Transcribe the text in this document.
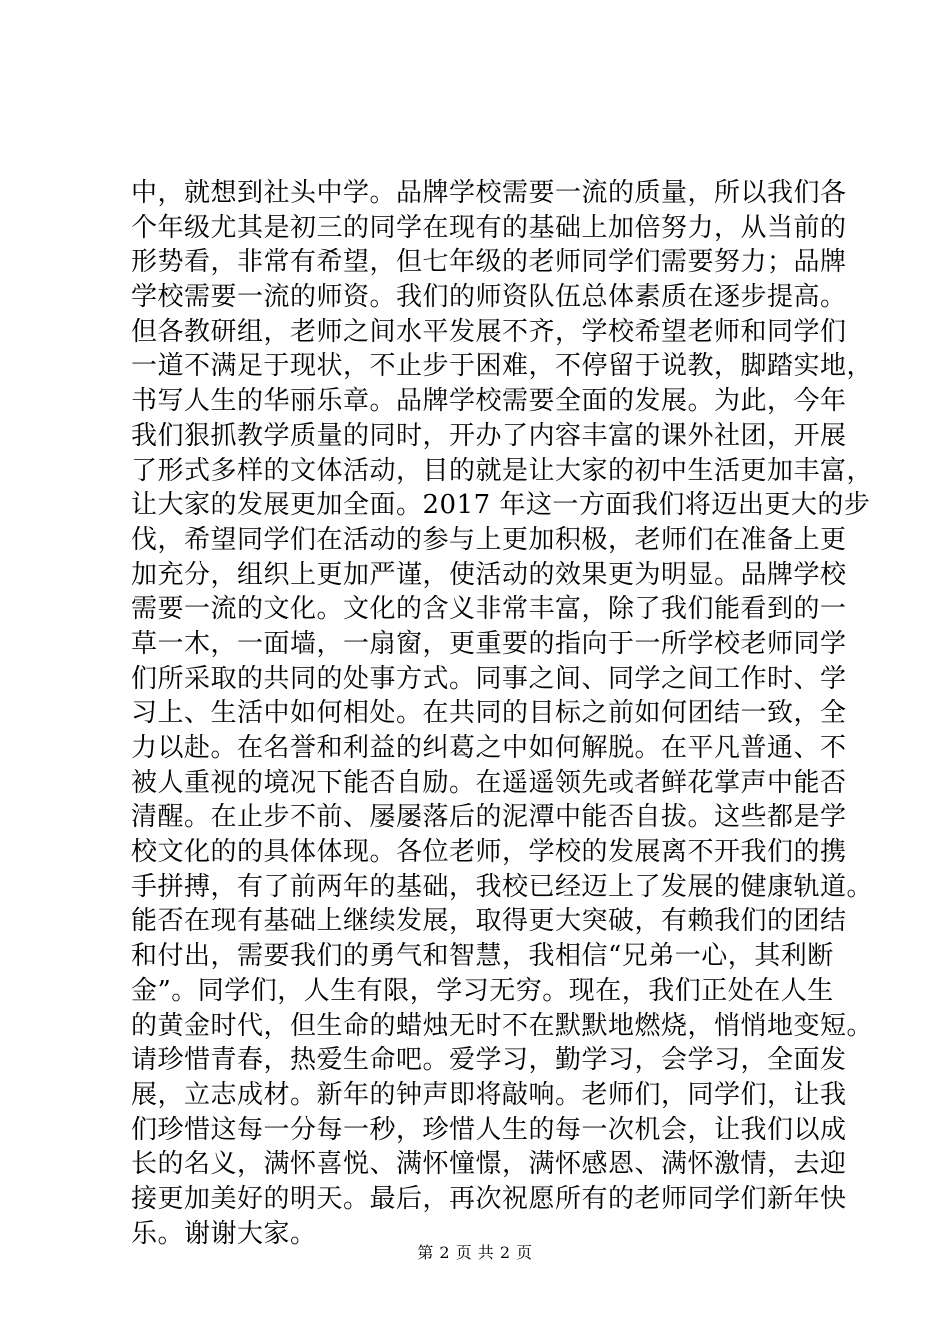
中，就想到社头中学。品牌学校需要一流的质量，所以我们各
个年级尤其是初三的同学在现有的基础上加倍努力，从当前的
形势看，非常有希望，但七年级的老师同学们需要努力；品牌
学校需要一流的师资。我们的师资队伍总体素质在逐步提高。
但各教研组，老师之间水平发展不齐，学校希望老师和同学们
一道不满足于现状，不止步于困难，不停留于说教，脚踏实地，
书写人生的华丽乐章。品牌学校需要全面的发展。为此，今年
我们狠抓教学质量的同时，开办了内容丰富的课外社团，开展
了形式多样的文体活动，目的就是让大家的初中生活更加丰富，
让大家的发展更加全面。2017 年这一方面我们将迈出更大的步
伐，希望同学们在活动的参与上更加积极，老师们在准备上更
加充分，组织上更加严谨，使活动的效果更为明显。品牌学校
需要一流的文化。文化的含义非常丰富，除了我们能看到的一
草一木，一面墙，一扇窗，更重要的指向于一所学校老师同学
们所采取的共同的处事方式。同事之间、同学之间工作时、学
习上、生活中如何相处。在共同的目标之前如何团结一致，全
力以赴。在名誉和利益的纠葛之中如何解脱。在平凡普通、不
被人重视的境况下能否自励。在遥遥领先或者鲜花掌声中能否
清醒。在止步不前、屡屡落后的泥潭中能否自拔。这些都是学
校文化的的具体体现。各位老师，学校的发展离不开我们的携
手拼搏，有了前两年的基础，我校已经迈上了发展的健康轨道。
能否在现有基础上继续发展，取得更大突破，有赖我们的团结
和付出，需要我们的勇气和智慧，我相信“兄弟一心，其利断
金”。同学们，人生有限，学习无穷。现在，我们正处在人生
的黄金时代，但生命的蜡烛无时不在默默地燃烧，悄悄地变短。
请珍惜青春，热爱生命吧。爱学习，勤学习，会学习，全面发
展，立志成材。新年的钟声即将敲响。老师们，同学们，让我
们珍惜这每一分每一秒，珍惜人生的每一次机会，让我们以成
长的名义，满怀喜悦、满怀憧憬，满怀感恩、满怀激情，去迎
接更加美好的明天。最后，再次祝愿所有的老师同学们新年快
乐。谢谢大家。
第 2 页 共 2 页
